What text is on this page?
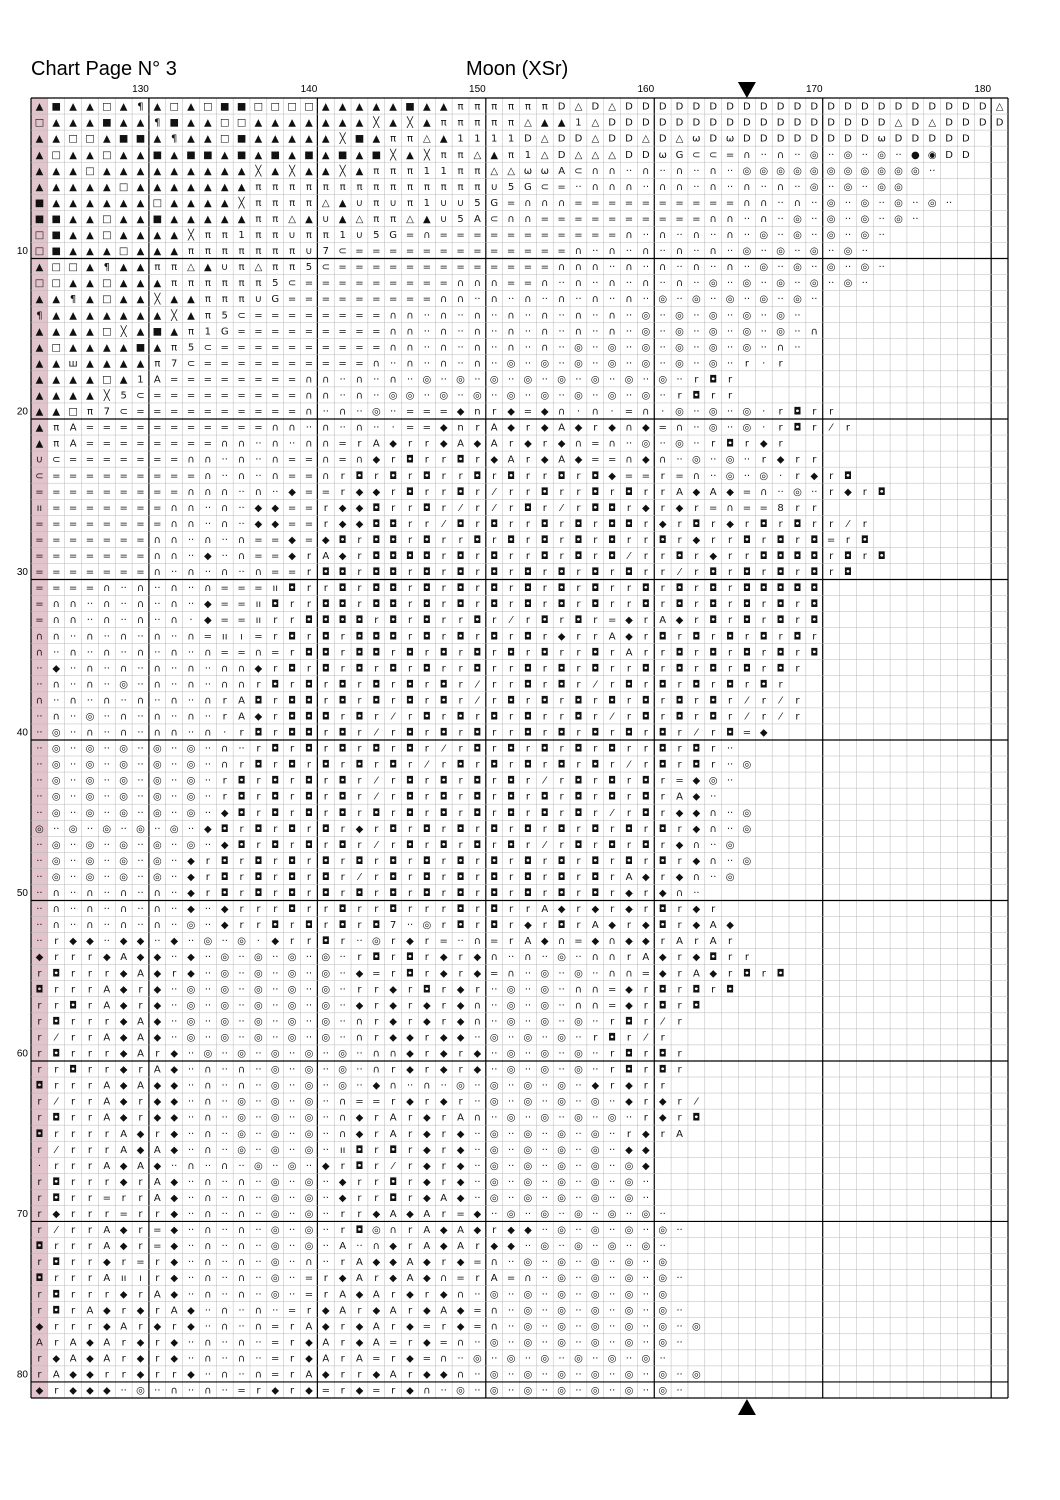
Chart Page N° 3	Moon (XSr)
▲ ■ ▲ ▲ □ ▲ ¶ ▲ □ ▲ □ ■ ■ □ □ □ □ ▲ ▲ ▲ ▲ ▲ ■ ▲ ▲ π π π π π π D △ D △ D D D D D D D D D D D D D D D D D D D D D D △
□ ▲ ▲ ▲ ■ ▲ ▲ ¶ ■ ▲ ▲ □ □ ▲ ▲ ▲ ▲ ▲ ▲ ▲ ╳ ▲ ╳ ▲ π π π π π △ ▲ ▲ 1 △ D D D D D D D D D D D D D D D D D △ D △ D D D D
▲ ▲ □ □ ▲ ■ ■ ▲ ¶ ▲ ▲ □ ■ ▲ ▲ ▲ ▲ ▲ ╳ ■ ▲ π π △ ▲ 1 1 1 1 D △ D D △ D D △ D △ ω D ω D D D D D D D D ω D D D D D
▲ □ ▲ ▲ □ ▲ ▲ ■ ▲ ■ ■ ▲ ■ ▲ ■ ▲ ■ ▲ ■ ▲ ■ ╳ ▲ ╳ π π △ ▲ π 1 △ D △ △ △ D D ω G ⊂ ⊂ = ∩ ·· ∩ ·· ◎ ·· ◎ ·· ◎ ·· ● ◉ D D
▲ ▲ ▲ □ ▲ ▲ ▲ ▲ ▲ ▲ ▲ ▲ ▲ ╳ ▲ ╳ ▲ ▲ ╳ ▲ π π π 1 1 π π △ △ ω ω A ⊂ ∩ ∩ ·· ∩ ·· ∩ ·· ∩ ·· ◎ ◎ ◎ ◎ ◎ ◎ ◎ ◎ ◎ ◎ ◎ ··
▲ ▲ ▲ ▲ ▲ □ ▲ ▲ ▲ ▲ ▲ ▲ ▲ π π π π π π π π π π π π π π ∪ 5 G ⊂ = ·· ∩ ∩ ∩ ·· ∩ ∩ ·· ∩ ·· ∩ ·· ∩ ·· ◎ ·· ◎ ·· ◎ ◎
■ ▲ ▲ ▲ ▲ ▲ ▲ □ ▲ ▲ ▲ ▲ ╳ π π π π △ ▲ ∪ π ∪ π 1 ∪ ∪ 5 G = ∩ ∩ ∩ = = = = = = = = = = ∩ ∩ ·· ∩ ·· ◎ ·· ◎ ·· ◎ ·· ◎ ··
■ ■ ▲ ▲ □ ▲ ▲ ■ ▲ ▲ ▲ ▲ ▲ π π △ ▲ ∪ ▲ △ π π △ ▲ ∪ 5 A ⊂ ∩ ∩ = = = = = = = = = = ∩ ∩ ·· ∩ ·· ◎ ·· ◎ ·· ◎ ·· ◎ ··
□ ■ ▲ ▲ □ ▲ ▲ ▲ ▲ ╳ π π 1 π π ∪ π π 1 ∪ 5 G = ∩ = = = = = = = = = = = ∩ ·· ∩ ·· ∩ ·· ∩ ·· ◎ ·· ◎ ·· ◎ ·· ◎ ··
□ ■ ▲ ▲ ▲ □ ▲ ▲ ▲ π π π π π π π ∪ 7 ⊂ = = = = = = = = = = = = = ∩ ·· ∩ ·· ∩ ·· ∩ ·· ∩ ·· ◎ ·· ◎ ·· ◎ ·· ◎ ··
▲ □ □ ▲ ¶ ▲ ▲ π π △ ▲ ∪ π △ π π 5 ⊂ = = = = = = = = = = = = = ∩ ∩ ∩ ·· ∩ ·· ∩ ·· ∩ ·· ∩ ·· ◎ ·· ◎ ·· ◎ ·· ◎ ··
□ □ ▲ ▲ □ ▲ ▲ ▲ π π π π π π 5 ⊂ = = = = = = = = = ∩ ∩ ∩ = = ∩ ·· ∩ ·· ∩ ·· ∩ ·· ∩ ·· ◎ ·· ◎ ·· ◎ ·· ◎ ·· ◎ ··
▲ ▲ ¶ ▲ □ ▲ ▲ ╳ ▲ ▲ π π π ∪ G = = = = = = = = = ∩ ∩ ·· ∩ ·· ∩ ·· ∩ ·· ∩ ·· ∩ ·· ◎ ·· ◎ ·· ◎ ·· ◎ ·· ◎ ··
¶ ▲ ▲ ▲ ▲ ▲ ▲ ▲ ╳ ▲ π 5 ⊂ = = = = = = = = ∩ ∩ ·· ∩ ·· ∩ ·· ∩ ·· ∩ ·· ∩ ·· ∩ ·· ◎ ·· ◎ ·· ◎ ·· ◎ ·· ◎ ··
▲ ▲ ▲ ▲ □ ╳ ▲ ■ ▲ π 1 G = = = = = = = = = ∩ ∩ ·· ∩ ·· ∩ ·· ∩ ·· ∩ ·· ∩ ·· ∩ ·· ◎ ·· ◎ ·· ◎ ·· ◎ ·· ◎ ·· ∩
▲ □ ▲ ▲ ▲ ▲ ■ ▲ π 5 ⊂ = = = = = = = = = = ∩ ∩ ·· ∩ ·· ∩ ·· ∩ ·· ∩ ·· ◎ ·· ◎ ·· ◎ ·· ◎ ·· ◎ ·· ◎ ·· ∩ ··
▲ ▲ ш ▲ ▲ ▲ ▲ π 7 ⊂ = = = = = = = = = = ∩ ·· ∩ ·· ∩ ·· ∩ ·· ◎ ·· ◎ ·· ◎ ·· ◎ ·· ◎ ·· ◎ ·· ◎ ·· r · r
▲ ▲ ▲ ▲ □ ▲ 1 A = = = = = = = = ∩ ∩ ·· ∩ ·· ∩ ·· ◎ ·· ◎ ·· ◎ ·· ◎ ·· ◎ ·· ◎ ·· ◎ ·· ◎ ·· r ◘ r
▲ ▲ ▲ ▲ ╳ 5 ⊂ = = = = = = = = = ∩ ∩ ·· ∩ ·· ◎ ◎ ·· ◎ ·· ◎ ·· ◎ ·· ◎ ·· ◎ ·· ◎ ·· ◎ ·· r ◘ r r
▲ ▲ □ π 7 ⊂ = = = = = = = = = = ∩ ·· ∩ ·· ◎ ·· = = = ◆ n r ◆ = ◆ ∩ · ∩ · = ∩ · ◎ ·· ◎ ·· ◎ · r ◘ r r
▲ π A = = = = = = = = = = = ∩ ∩ ·· ∩ ·· ∩ ·· · = = ◆ n r A ◆ r ◆ A ◆ r ◆ ∩ ◆ = ∩ ·· ◎ ·· ◎ · r ◘ r ⁄ r
▲ π A = = = = = = = = ∩ ∩ ·· ∩ ·· ∩ ∩ = r A ◆ r r ◆ A ◆ A r ◆ r ◆ ∩ = ∩ ·· ◎ ·· ◎ ·· r ◘ r ◆ r
∪ ⊂ = = = = = = = ∩ ∩ ·· ∩ ·· ∩ = = ∩ = ∩ ◆ r ◘ r r ◘ r ◆ A r ◆ A ◆ = = ∩ ◆ ∩ ·· ◎ ·· ◎ ·· r ◆ r r
⊂ = = = = = = = = = ∩ ·· ∩ ·· ∩ = = ∩ r ◘ r ◘ r ◘ r r ◘ r ◘ r r ◘ r ◘ ◆ = = r = ∩ ·· ◎ ·· ◎ · r ◆ r ◘
= = = = = = = = = ∩ ∩ ∩ ·· ∩ ·· ◆ = = r ◆ ◆ r ◘ r r ◘ r ⁄ r r ◘ r r ◘ r ◘ r r A ◆ A ◆ = ∩ ·· ◎ ·· r ◆ r ◘
ıı = = = = = = = ∩ ∩ ·· ∩ ·· ◆ ◆ = = r ◆ ◆ ◘ r r ◘ r ⁄ r ⁄ r ◘ r ⁄ r ◘ ◘ r ◆ r ◆ r = ∩ = = 8 r r
= = = = = = = = ∩ ∩ ·· ∩ ·· ◆ ◆ = = r ◆ ◆ ◘ ◘ r r ⁄ ◘ r ◘ r r ◘ r ◘ r ◘ ◘ r ◆ r ◘ r ◆ r ◘ r ◘ r r ⁄ r
= = = = = = = ∩ ∩ ·· ∩ ·· ∩ = = ◆ = ◆ ◘ r ◘ ◘ r ◘ r r ◘ r ◘ r ◘ r ◘ r ◘ r r ◘ r ◆ r r ◘ r ◘ r ◘ = r ◘
= = = = = = = ∩ ∩ ·· ◆ ·· ∩ = = ◆ r A ◆ r ◘ ◘ ◘ ◘ r ◘ r ◘ r r ◘ r ◘ r ◘ ⁄ r r ◘ r ◆ r r ◘ ◘ ◘ ◘ r ◘ r ◘
= = = = = = = ∩ ·· ∩ ·· ∩ ·· ∩ = = r ◘ ◘ r ◘ ◘ r ◘ r ◘ r ◘ r ◘ r ◘ r ◘ r ◘ r r ⁄ r ◘ r ◘ r ◘ r ◘ r ◘
= = = = ∩ ·· ∩ ·· ∩ ·· ∩ = = = ıı ◘ r r ◘ r ◘ ◘ r ◘ r ◘ r ◘ r ◘ r ◘ r ◘ r r ◘ r ◘ r ◘ r ◘ ◘ ◘ ◘ ◘
= ∩ ∩ ·· ∩ ·· ∩ ·· ∩ ·· ◆ = = ıı ◘ r r ◘ ◘ r ◘ ◘ r ◘ r ◘ r ◘ r ◘ r ◘ r ◘ r r ◘ r ◘ r ◘ r ◘ r ◘ r ◘
= ∩ ∩ ·· ∩ ·· ∩ ·· ∩ · ◆ = = ıı r r ◘ ◘ ◘ ◘ r ◘ r ◘ r r ◘ r ⁄ r ◘ r ◘ r = ◆ r A ◆ r ◘ r ◘ r ◘ r ◘
∩ ∩ ·· ∩ ·· ∩ ·· ∩ ·· ∩ = ıı ı = r ◘ r ◘ r ◘ ◘ ◘ r ◘ r ◘ r ◘ r ◘ r ◆ r r A ◆ r ◘ r ◘ r ◘ r ◘ r ◘ r
∩ ·· ∩ ·· ∩ ·· ∩ ·· ∩ ·· ∩ = = ∩ = r ◘ ◘ r ◘ ◘ r ◘ r ◘ r ◘ r ◘ r ◘ r r ◘ r A r r ◘ r ◘ r ◘ r ◘ r ◘
·· ◆ ·· ∩ ·· ∩ ·· ∩ ·· ∩ ·· ∩ ∩ ◆ r ◘ r ◘ r ◘ r ◘ r ◘ r r ◘ r r ◘ r ◘ r ◘ r r ◘ r ◘ r ◘ r ◘ r ◘ r
·· ∩ ·· ∩ ·· ◎ ·· ∩ ·· ∩ ·· ∩ ∩ r ◘ r ◘ r ◘ r ◘ r ◘ r ◘ r ⁄ r r ◘ r ◘ r ⁄ r ◘ r ◘ r ◘ r ◘ r ◘ r
∩ ·· ∩ ·· ∩ ·· ∩ ·· ∩ ·· ∩ r A ◘ r ◘ ◘ r ◘ r ◘ r ◘ r ◘ r ⁄ r ◘ r ◘ r ◘ r ◘ r ◘ r ◘ r ◘ r ⁄ r ⁄ r
·· ∩ ·· ◎ ·· ∩ ·· ∩ ·· ∩ ·· r A ◆ r ◘ ◘ ◘ r ◘ r ⁄ r ◘ r ◘ r ◘ r ◘ r r ◘ r ⁄ r ◘ r ◘ r ◘ r ⁄ r ⁄ r
·· ◎ ·· ∩ ·· ∩ ·· ∩ ∩ ·· ∩ · r ◘ r ◘ ◘ r ◘ r ⁄ r ◘ r ◘ r ◘ r r ◘ r ◘ r ◘ r ◘ r ◘ r ⁄ r ◘ = ◆
·· ◎ ·· ◎ ·· ◎ ·· ◎ ·· ◎ ·· ∩ ·· r ◘ r ◘ r ◘ r ◘ r ◘ r ⁄ r ◘ r ◘ r ◘ r ◘ r ◘ r r ◘ r ◘ r ··
·· ◎ ·· ◎ ·· ◎ ·· ◎ ·· ◎ ·· ∩ r ◘ r ◘ r ◘ r ◘ r ◘ r ⁄ r ◘ r ◘ r ◘ r ◘ r ◘ r ⁄ r ◘ r ◘ r ·· ◎
·· ◎ ·· ◎ ·· ◎ ·· ◎ ·· ◎ ·· r ◘ r ◘ r ◘ r ◘ r ⁄ r ◘ r ◘ r ◘ r ◘ r ⁄ r ◘ r ◘ r ◘ r = ◆ ◎ ··
·· ◎ ·· ◎ ·· ◎ ·· ◎ ·· ◎ ·· r ◘ r ◘ r ◘ r ◘ r ⁄ r ◘ r ◘ r ◘ r ◘ r ◘ r ◘ r ◘ r ◘ r A ◆ ··
·· ◎ ·· ◎ ·· ◎ ·· ◎ ·· ◎ ·· ◆ ◘ r ◘ r ◘ r ◘ r ◘ r ◘ r ◘ r ◘ r ◘ r ◘ r ◘ r ⁄ r ◘ r ◆ ◆ ∩ ·· ◎
◎ ·· ◎ ·· ◎ ·· ◎ ·· ◎ ·· ◆ ◘ r ◘ r ◘ r ◘ r ◆ r ◘ r ◘ r ◘ r ◘ r ◘ r ◘ r ◘ r ◘ r ◘ r ◆ ∩ ·· ◎
·· ◎ ·· ◎ ·· ◎ ·· ◎ ·· ◎ ·· ◆ ◘ r ◘ r ◘ r ◘ r ⁄ r ◘ r ◘ r ◘ r ◘ r ⁄ r ◘ r ◘ r ◘ r ◆ ∩ ·· ◎
·· ◎ ·· ◎ ·· ◎ ·· ◎ ·· ◆ r ◘ r ◘ r ◘ r ◘ r ◘ r ◘ r ◘ r ◘ r ◘ r ◘ r ◘ r ◘ r ◘ r ◘ r ◆ ∩ ·· ◎
·· ◎ ·· ◎ ·· ◎ ·· ◎ ·· ◆ r ◘ r ◘ r ◘ r ◘ r ⁄ r ◘ r ◘ r ◘ r ◘ r ◘ r ◘ r ◘ r A ◆ r ◆ ∩ ·· ◎
·· ∩ ·· ∩ ·· ∩ ·· ∩ ·· ◆ r ◘ r ◘ r ◘ r ◘ r ◘ r ◘ r ◘ r ◘ r ◘ r ◘ r ◘ r ◘ r ◆ r ◆ ∩ ··
·· ∩ ·· ∩ ·· ∩ ·· ∩ ·· ◆ ·· ◆ r r r ◘ r r ◘ r r ◘ r r r ◘ r ◘ r r A ◆ r ◆ r ◆ r ◘ r ◆ r
·· ∩ ·· ∩ ·· ∩ ·· ∩ ·· ◎ ·· ◆ r r ◘ r ◘ r ◘ r ◘ 7 ·· ◎ r ◘ r ◘ r ◆ r ◘ r A ◆ r ◆ ◘ r ◆ A ◆
·· r ◆ ◆ ·· ◆ ◆ ·· ◆ ·· ◎ ·· ◎ · ◆ r r ◘ r ·· ◎ r ◆ r = ·· ∩ = r A ◆ ∩ = ◆ ∩ ◆ ◆ r A r A r
◆ r r r ◆ A ◆ ◆ ·· ◆ ·· ◎ ·· ◎ ·· ◎ ·· ◎ ·· r ◘ r ◘ r ◆ r ◆ ∩ ·· ∩ ·· ◎ ·· ∩ ∩ r A ◆ r ◆ ◘ r r
r ◘ r r r ◆ A ◆ r ◆ ·· ◎ ·· ◎ ·· ◎ ·· ◎ ·· ◆ = r ◘ r ◆ r ◆ = ∩ ·· ◎ ·· ◎ ·· ∩ ∩ = ◆ r A ◆ r ◘ r ◘
◘ r r r A ◆ r ◆ ·· ◎ ·· ◎ ·· ◎ ·· ◎ ·· ◎ ·· r r ◆ r ◘ r ◆ r ·· ◎ ·· ◎ ·· ∩ ∩ = ◆ r ◘ r ◘ r ◘
r r ◘ r A ◆ r ◆ ·· ◎ ·· ◎ ·· ◎ ·· ◎ ·· ◎ ·· ◆ r ◆ r ◆ r ◆ ∩ ·· ◎ ·· ◎ ·· ∩ ∩ = ◆ r ◘ r ◘
r ◘ r r r ◆ A ◆ ·· ◎ ·· ◎ ·· ◎ ·· ◎ ·· ◎ ·· ∩ r ◆ r ◆ r ◆ ∩ ·· ◎ ·· ◎ ·· ◎ ·· r ◘ r ⁄ r
r ⁄ r r A ◆ A ◆ ·· ◎ ·· ◎ ·· ◎ ·· ◎ ·· ◎ ·· ∩ r ◆ ◆ r ◆ ◆ ·· ◎ ·· ◎ ·· ◎ ·· r ◘ r ⁄ r
r ◘ r r r ◆ A r ◆ ·· ◎ ·· ◎ ·· ◎ ·· ◎ ·· ◎ ·· ∩ ∩ ◆ r ◆ r ◆ ·· ◎ ·· ◎ ·· ◎ ·· r ◘ r ◘ r
r r ◘ r r ◆ r A ◆ ·· ∩ ·· ∩ ·· ◎ ·· ◎ ·· ◎ ·· ∩ r ◆ r ◆ r ◆ ·· ◎ ·· ◎ ·· ◎ ·· r ◘ r ◘ r
◘ r r r A ◆ A ◆ ◆ ·· ∩ ·· ∩ ·· ◎ ·· ◎ ·· ◎ ·· ◆ ∩ ·· ∩ ·· ◎ ·· ◎ ·· ◎ ·· ◎ ·· ◆ r ◆ r r
r ⁄ r r A ◆ r ◆ ◆ ·· ∩ ·· ◎ ·· ◎ ·· ◎ ·· ∩ = = r ◆ r ◆ r ·· ◎ ·· ◎ ·· ◎ ·· ◎ ·· ◆ r ◆ r ⁄
r ◘ r r A ◆ r ◆ ◆ ·· ∩ ·· ◎ ·· ◎ ·· ◎ ·· ∩ ◆ r A r ◆ r A ∩ ·· ◎ ·· ◎ ·· ◎ ·· ◎ ·· r ◆ r ◘
◘ r r r r A ◆ r ◆ ·· ∩ ·· ◎ ·· ◎ ·· ◎ ·· ∩ ◆ r A r ◆ r ◆ ·· ◎ ·· ◎ ·· ◎ ·· ◎ ·· r ◆ r A
r ⁄ r r r A ◆ A ◆ ·· ∩ ·· ◎ ·· ◎ ·· ◎ ·· ıı ◘ r ◘ r ◆ r ◆ ·· ◎ ·· ◎ ·· ◎ ·· ◎ ·· ◆ ◆
· r r r A ◆ A ◆ ·· ∩ ·· ∩ ·· ◎ ·· ◎ ·· ◆ r ◘ r ⁄ r ◆ r ◆ ·· ◎ ·· ◎ ·· ◎ ·· ◎ ·· ◎ ◆
r ◘ r r r ◆ r A ◆ ·· ∩ ·· ∩ ·· ◎ ·· ◎ ·· ◆ r r ◘ r ◆ r ◆ ·· ◎ ·· ◎ ·· ◎ ·· ◎ ·· ◎ ··
r ◘ r r = r r A ◆ ·· ∩ ·· ∩ ·· ◎ ·· ◎ ·· ◆ r r ◘ r ◆ A ◆ ·· ◎ ·· ◎ ·· ◎ ·· ◎ ·· ◎ ··
r ◆ r r r = r r ◆ ·· ∩ ·· ∩ ·· ◎ ·· ◎ ·· r r ◆ A ◆ A r = ◆ ·· ◎ ·· ◎ ·· ◎ ·· ◎ ·· ◎ ··
r ⁄ r r A ◆ r = ◆ ·· ∩ ·· ∩ ·· ◎ ·· ◎ ·· r ◘ ◎ ∩ r A ◆ A ◆ r ◆ ◆ ·· ◎ ·· ◎ ·· ◎ ·· ◎ ··
◘ r r r A ◆ r = ◆ ·· ∩ ·· ∩ ·· ◎ ·· ◎ ·· A ·· ∩ ◆ r A ◆ A r ◆ ◆ ·· ◎ ·· ◎ ·· ◎ ·· ◎ ··
r ◘ r r ◆ r = r ◆ ·· ∩ ·· ∩ ·· ◎ ·· ∩ ·· r A ◆ ◆ A ◆ r ◆ = ∩ ·· ◎ ·· ◎ ·· ◎ ·· ◎ ·· ◎
◘ r r r A ıı ı r ◆ ·· ∩ ·· ∩ ·· ◎ ·· = r ◆ A r ◆ A ◆ ∩ = r A = ∩ ·· ◎ ·· ◎ ·· ◎ ·· ◎ ··
r ◘ r r r ◆ r A ◆ ·· ∩ ·· ∩ ·· ◎ ·· = r A ◆ A r ◆ r ◆ ∩ ·· ◎ ·· ◎ ·· ◎ ·· ◎ ·· ◎ ·· ◎
r ◘ r A ◆ r ◆ r A ◆ ·· ∩ ·· ∩ ·· = r ◆ A r ◆ A r ◆ A ◆ = ∩ ·· ◎ ·· ◎ ·· ◎ ·· ◎ ·· ◎ ··
◆ r r r ◆ A r ◆ r ◆ ·· ∩ ·· ∩ = r A ◆ r ◆ A r ◆ = r ◆ = ∩ ·· ◎ ·· ◎ ·· ◎ ·· ◎ ·· ◎ ·· ◎
A r A ◆ A r ◆ r ◆ ·· ∩ ·· ∩ ·· = r ◆ A r ◆ A = r ◆ = ∩ ·· ◎ ·· ◎ ·· ◎ ·· ◎ ·· ◎ ·· ◎ ··
r ◆ A ◆ A r ◆ r ◆ ·· ∩ ·· ∩ ·· = r ◆ A r A = r ◆ = ∩ ·· ◎ ·· ◎ ·· ◎ ·· ◎ ·· ◎ ·· ◎ ··
r A ◆ ◆ r r ◆ r r ◆ ·· ∩ ·· ∩ = r A ◆ r r ◆ A r ◆ ◆ ∩ ·· ◎ ·· ◎ ·· ◎ ·· ◎ ·· ◎ ·· ◎ ·· ◎
◆ r ◆ ◆ ◆ ·· ◎ ·· ∩ ·· ∩ ·· = r ◆ r ◆ = r ◆ = r ◆ ∩ ·· ◎ ·· ◎ ·· ◎ ·· ◎ ·· ◎ ·· ◎ ·· ◎ ··
130	140	150	160	170	180
10
20
30
40
50
60
70
80
